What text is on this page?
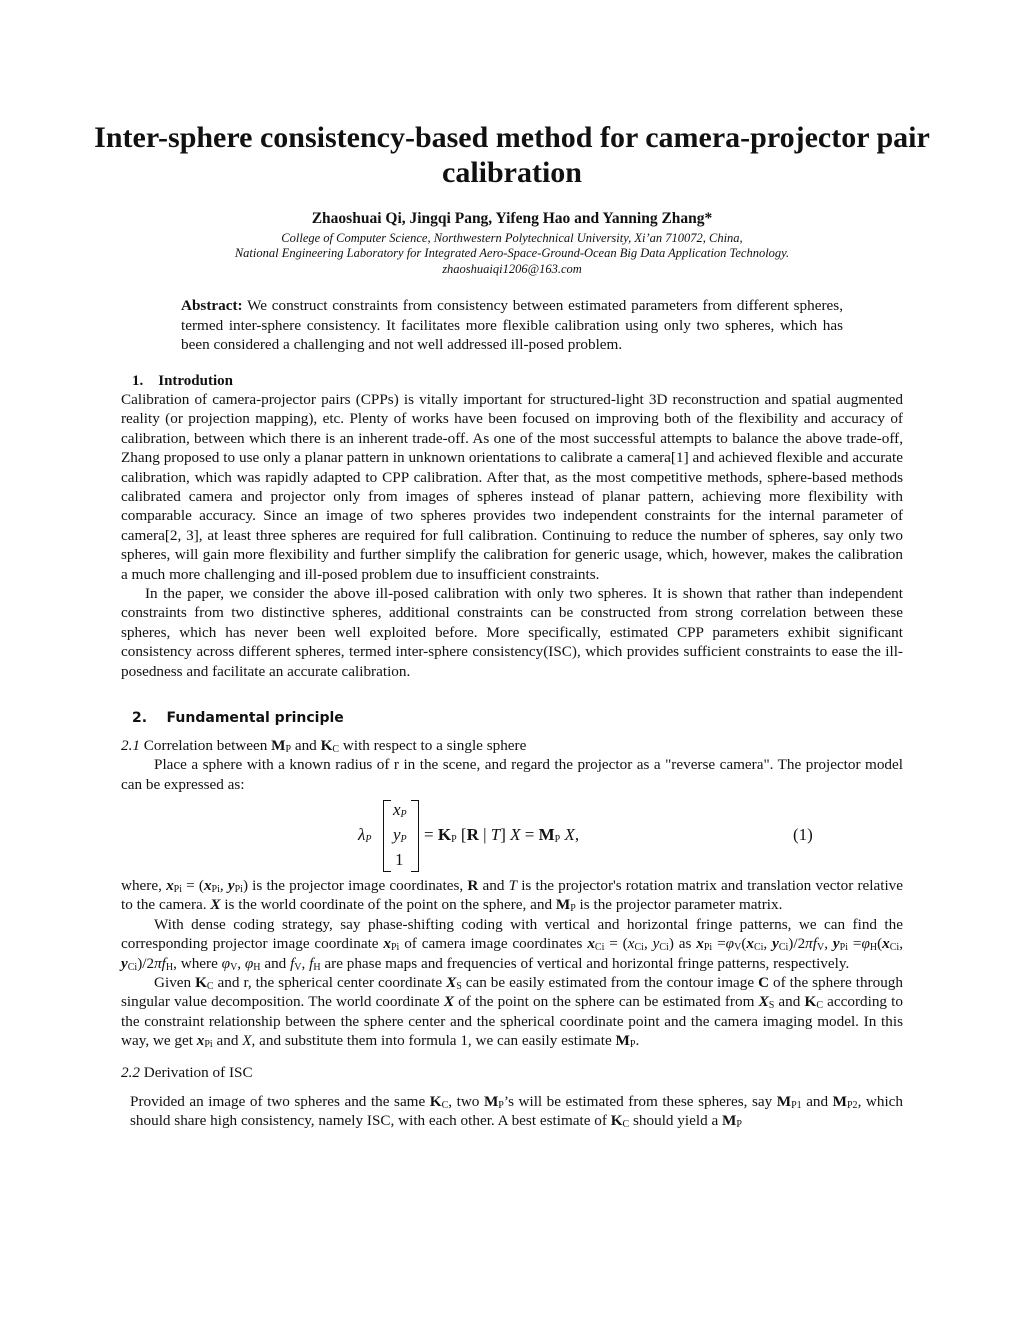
Inter-sphere consistency-based method for camera-projector pair calibration
Zhaoshuai Qi, Jingqi Pang, Yifeng Hao and Yanning Zhang*
College of Computer Science, Northwestern Polytechnical University, Xi’an 710072, China,
National Engineering Laboratory for Integrated Aero-Space-Ground-Ocean Big Data Application Technology.
zhaoshuaiqi1206@163.com
Abstract: We construct constraints from consistency between estimated parameters from different spheres, termed inter-sphere consistency. It facilitates more flexible calibration using only two spheres, which has been considered a challenging and not well addressed ill-posed problem.
1.    Introdution

Calibration of camera-projector pairs (CPPs) is vitally important for structured-light 3D reconstruction and spatial augmented reality (or projection mapping), etc. Plenty of works have been focused on improving both of the flexibility and accuracy of calibration, between which there is an inherent trade-off. As one of the most successful attempts to balance the above trade-off, Zhang proposed to use only a planar pattern in unknown orientations to calibrate a camera[1] and achieved flexible and accurate calibration, which was rapidly adapted to CPP calibration. After that, as the most competitive methods, sphere-based methods calibrated camera and projector only from images of spheres instead of planar pattern, achieving more flexibility with comparable accuracy. Since an image of two spheres provides two independent constraints for the internal parameter of camera[2, 3], at least three spheres are required for full calibration. Continuing to reduce the number of spheres, say only two spheres, will gain more flexibility and further simplify the calibration for generic usage, which, however, makes the calibration a much more challenging and ill-posed problem due to insufficient constraints.

In the paper, we consider the above ill-posed calibration with only two spheres. It is shown that rather than independent constraints from two distinctive spheres, additional constraints can be constructed from strong correlation between these spheres, which has never been well exploited before. More specifically, estimated CPP parameters exhibit significant consistency across different spheres, termed inter-sphere consistency(ISC), which provides sufficient constraints to ease the ill-posedness and facilitate an accurate calibration.

2.    Fundamental principle

2.1 Correlation between $M_P$ and $K_C$ with respect to a single sphere

Place a sphere with a known radius of r in the scene, and regard the projector as a "reverse camera". The projector model can be expressed as:

$\lambda_P$
$x_P$
$y_P$
1
= $K_P$ [R | T] $X = M_P$ X,	(1)

where, $x_{Pi} = (x_{Pi}$, $y_{Pi}$) is the projector image coordinates, R and T is the projector's rotation matrix and translation vector relative to the camera. X is the world coordinate of the point on the sphere, and $M_P$ is the projector parameter matrix.

With dense coding strategy, say phase-shifting coding with vertical and horizontal fringe patterns, we can find the corresponding projector image coordinate $x_{Pi}$ of camera image coordinates $x_{Ci} = (x_{Ci}$, $y_{Ci}$) as $x_{Pi} =\varphi_V(x_{Ci}$, $y_{Ci})/2\pi f_V$, $y_{Pi} =\varphi_H(x_{Ci}$, $y_{Ci})/2\pi f_H$, where $\varphi_V$, $\varphi_H$ and $f_V$, $f_H$ are phase maps and frequencies of vertical and horizontal fringe patterns, respectively.

Given $K_C$ and r, the spherical center coordinate $X_S$ can be easily estimated from the contour image C of the sphere through singular value decomposition. The world coordinate X of the point on the sphere can be estimated from $X_S$ and $K_C$ according to the constraint relationship between the sphere center and the spherical coordinate point and the camera imaging model. In this way, we get $x_{Pi}$ and X, and substitute them into formula 1, we can easily estimate $M_P$.

2.2 Derivation of ISC

Provided an image of two spheres and the same $K_C$, two $M_P’s$ will be estimated from these spheres, say $M_{P1}$ and $M_{P2}$, which should share high consistency, namely ISC, with each other. A best estimate of $K_C$ should yield a $M_P$
